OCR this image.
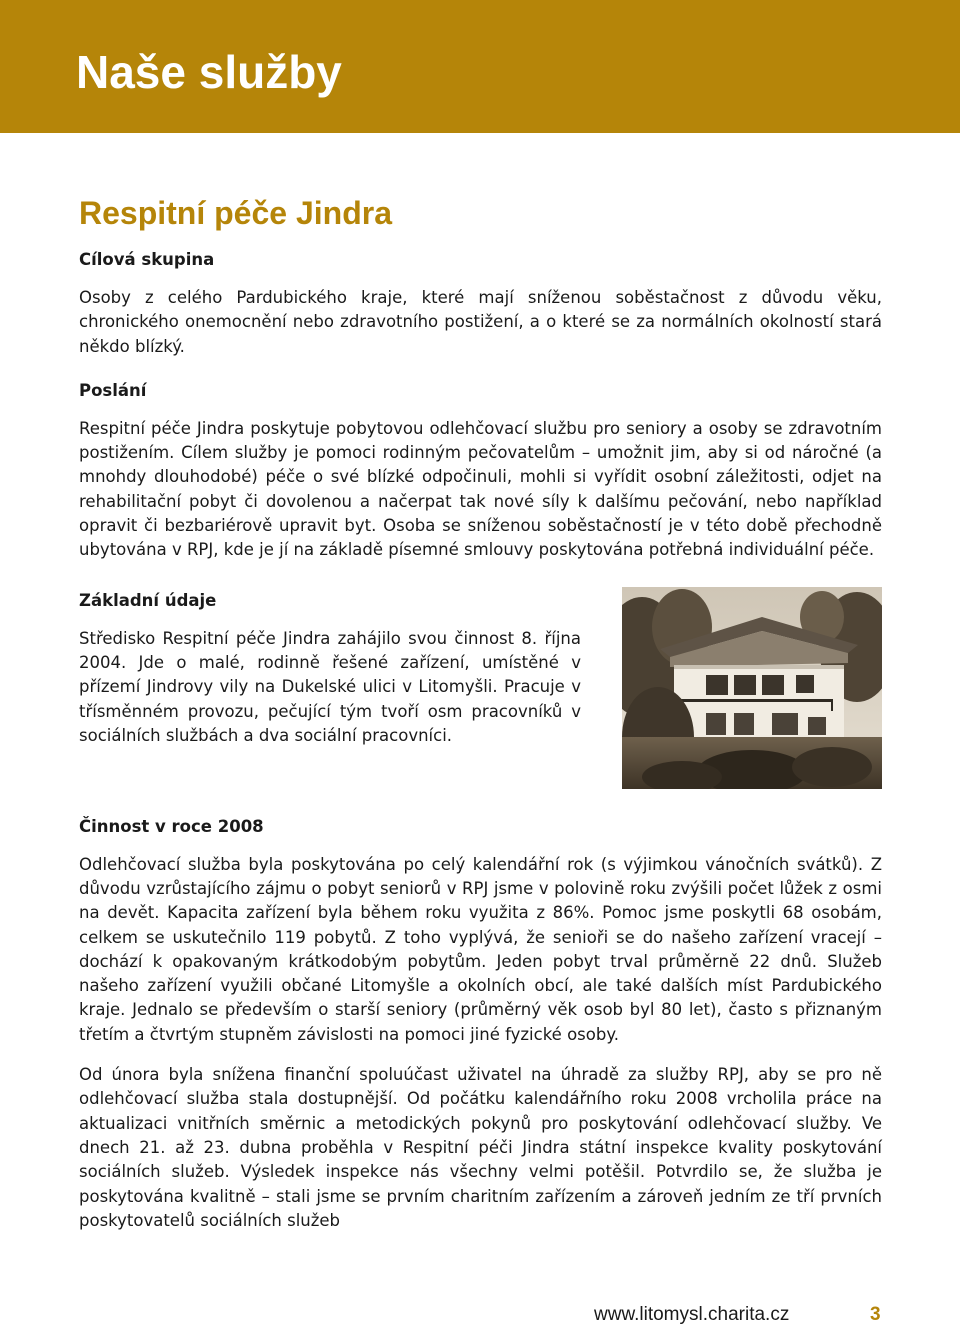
Naše služby
Respitní péče Jindra

Cílová skupina

Osoby z celého Pardubického kraje, které mají sníženou soběstačnost z důvodu věku, chronického onemocnění nebo zdravotního postižení, a o které se za normálních okolností stará někdo blízký.

Poslání

Respitní péče Jindra poskytuje pobytovou odlehčovací službu pro seniory a osoby se zdravotním postižením. Cílem služby je pomoci rodinným pečovatelům – umožnit jim, aby si od náročné (a mnohdy dlouhodobé) péče o své blízké odpočinuli, mohli si vyřídit osobní záležitosti, odjet na rehabilitační pobyt či dovolenou a načerpat tak nové síly k dalšímu pečování, nebo například opravit či bezbariérově upravit byt. Osoba se sníženou soběstačností je v této době přechodně ubytována v RPJ, kde je jí na základě písemné smlouvy poskytována potřebná individuální péče.

Základní údaje

Středisko Respitní péče Jindra zahájilo svou činnost 8. října 2004. Jde o malé, rodinně řešené zařízení, umístěné v přízemí Jindrovy vily na Dukelské ulici v Litomyšli. Pracuje v třísměnném provozu, pečující tým tvoří osm pracovníků v sociálních službách a dva sociální pracovníci.

Činnost v roce 2008

Odlehčovací služba byla poskytována po celý kalendářní rok (s výjimkou vánočních svátků). Z důvodu vzrůstajícího zájmu o pobyt seniorů v RPJ jsme v polovině roku zvýšili počet lůžek z osmi na devět. Kapacita zařízení byla během roku využita z 86%. Pomoc jsme poskytli 68 osobám, celkem se uskutečnilo 119 pobytů. Z toho vyplývá, že senioři se do našeho zařízení vracejí – dochází k opakovaným krátkodobým pobytům. Jeden pobyt trval průměrně 22 dnů. Služeb našeho zařízení využili občané Litomyšle a okolních obcí, ale také dalších míst Pardubického kraje. Jednalo se především o starší seniory (průměrný věk osob byl 80 let), často s přiznaným třetím a čtvrtým stupněm závislosti na pomoci jiné fyzické osoby.

Od února byla snížena finanční spoluúčast uživatel na úhradě za služby RPJ, aby se pro ně odlehčovací služba stala dostupnější. Od počátku kalendářního roku 2008 vrcholila práce na aktualizaci vnitřních směrnic a metodických pokynů pro poskytování odlehčovací služby. Ve dnech 21. až 23. dubna proběhla v Respitní péči Jindra státní inspekce kvality poskytování sociálních služeb. Výsledek inspekce nás všechny velmi potěšil. Potvrdilo se, že služba je poskytována kvalitně – stali jsme se prvním charitním zařízením a zároveň jedním ze tří prvních poskytovatelů sociálních služeb

www.litomysl.charita.cz	3
